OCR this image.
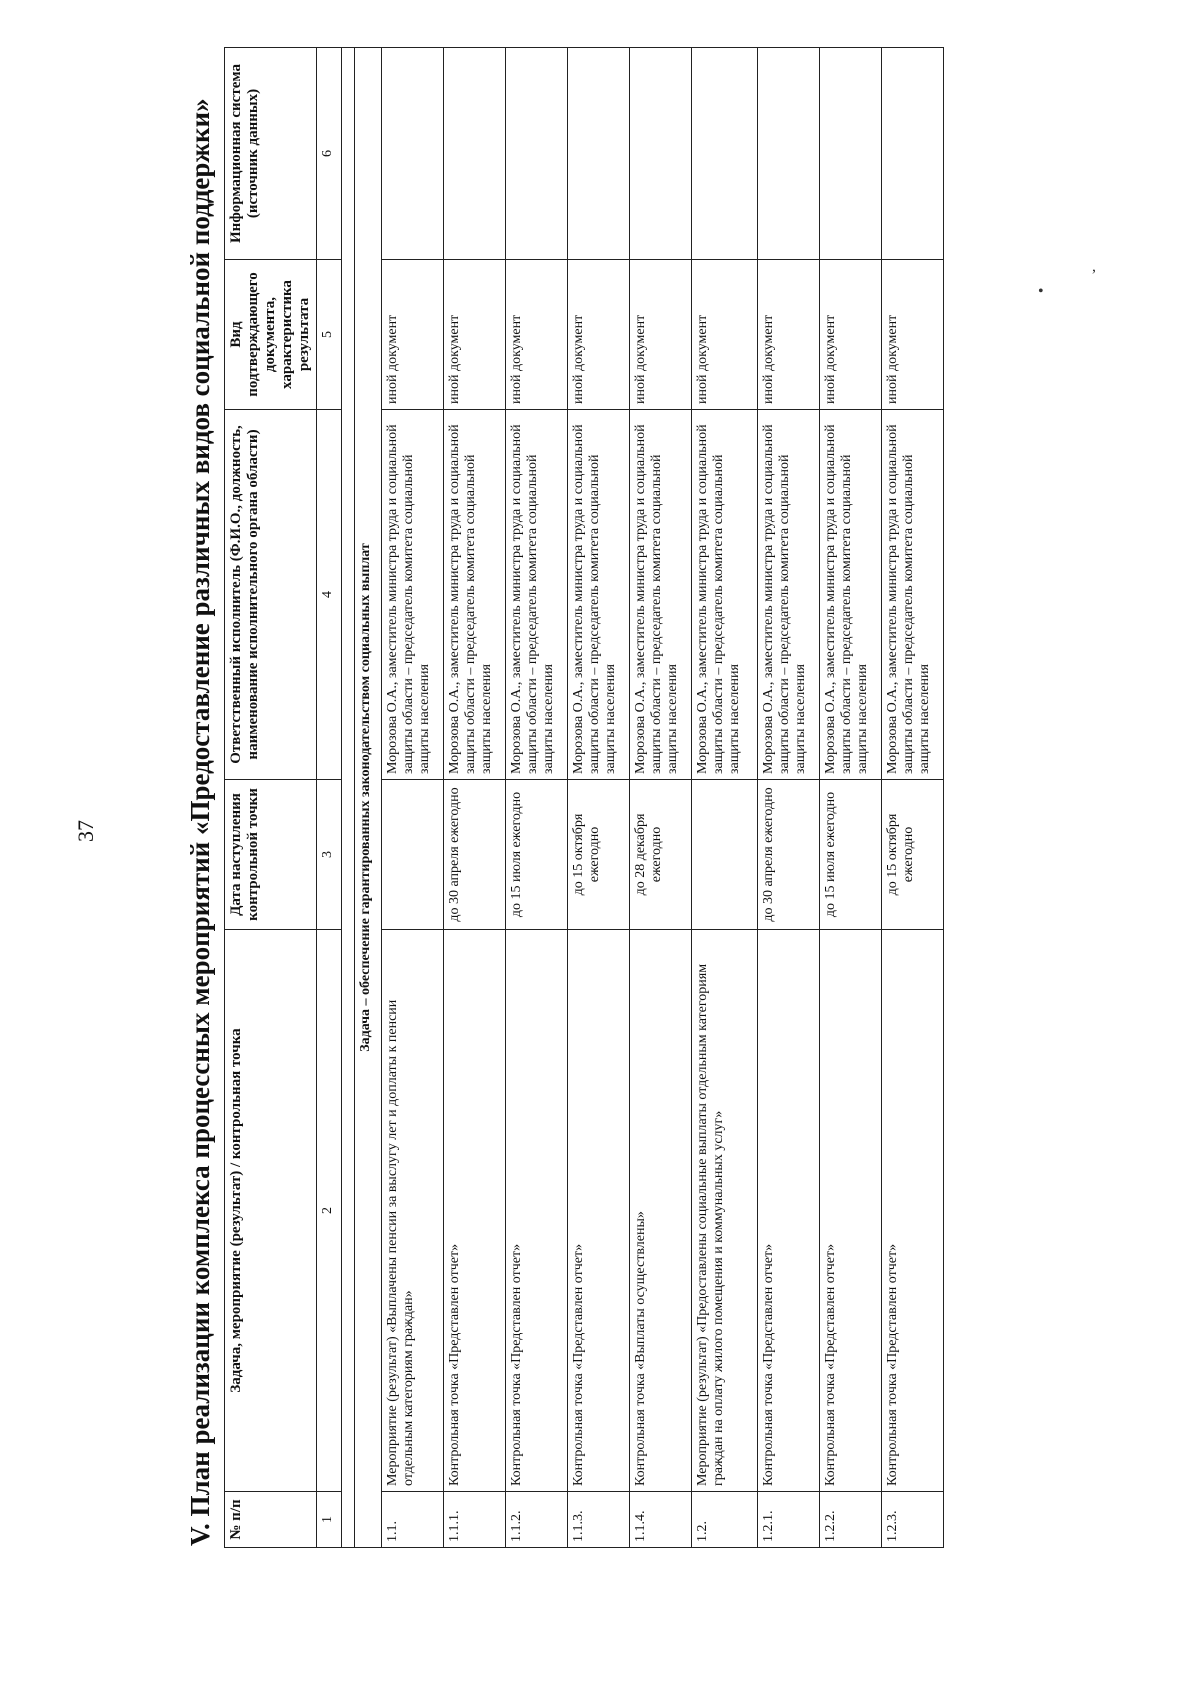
37	V. План реализации комплекса процессных мероприятий «Предоставление различных видов социальной поддержки» № п/п	Задача, мероприятие (результат) / контрольная точка	Дата наступления контрольной точки	Ответственный исполнитель (Ф.И.О., должность, наименование исполнительного органа области)	Вид подтверждающего документа, характеристика результата	Информационная система (источник данных)
1	2	3	4	5	6

Задача – обеспечение гарантированных законодательством социальных выплат					
1.1.	Мероприятие (результат) «Выплачены пенсии за выслугу лет и доплаты к пенсии отдельным категориям граждан»		Морозова О.А., заместитель министра труда и социальной защиты области – председатель комитета социальной защиты населения	иной документ	
1.1.1.	Контрольная точка «Представлен отчет»	до 30 апреля ежегодно	Морозова О.А., заместитель министра труда и социальной защиты области – председатель комитета социальной защиты населения	иной документ	
1.1.2.	Контрольная точка «Представлен отчет»	до 15 июля ежегодно	Морозова О.А., заместитель министра труда и социальной защиты области – председатель комитета социальной защиты населения	иной документ	
1.1.3.	Контрольная точка «Представлен отчет»	до 15 октября ежегодно	Морозова О.А., заместитель министра труда и социальной защиты области – председатель комитета социальной защиты населения	иной документ	
1.1.4.	Контрольная точка «Выплаты осуществлены»	до 28 декабря ежегодно	Морозова О.А., заместитель министра труда и социальной защиты области – председатель комитета социальной защиты населения	иной документ	
1.2.	Мероприятие (результат) «Предоставлены социальные выплаты отдельным категориям граждан на оплату жилого помещения и коммунальных услуг»		Морозова О.А., заместитель министра труда и социальной защиты области – председатель комитета социальной защиты населения	иной документ	
1.2.1.	Контрольная точка «Представлен отчет»	до 30 апреля ежегодно	Морозова О.А., заместитель министра труда и социальной защиты области – председатель комитета социальной защиты населения	иной документ	
1.2.2.	Контрольная точка «Представлен отчет»	до 15 июля ежегодно	Морозова О.А., заместитель министра труда и социальной защиты области – председатель комитета социальной защиты населения	иной документ	
1.2.3.	Контрольная точка «Представлен отчет»	до 15 октября ежегодно	Морозова О.А., заместитель министра труда и социальной защиты области – председатель комитета социальной защиты населения	иной документ	
,
•
